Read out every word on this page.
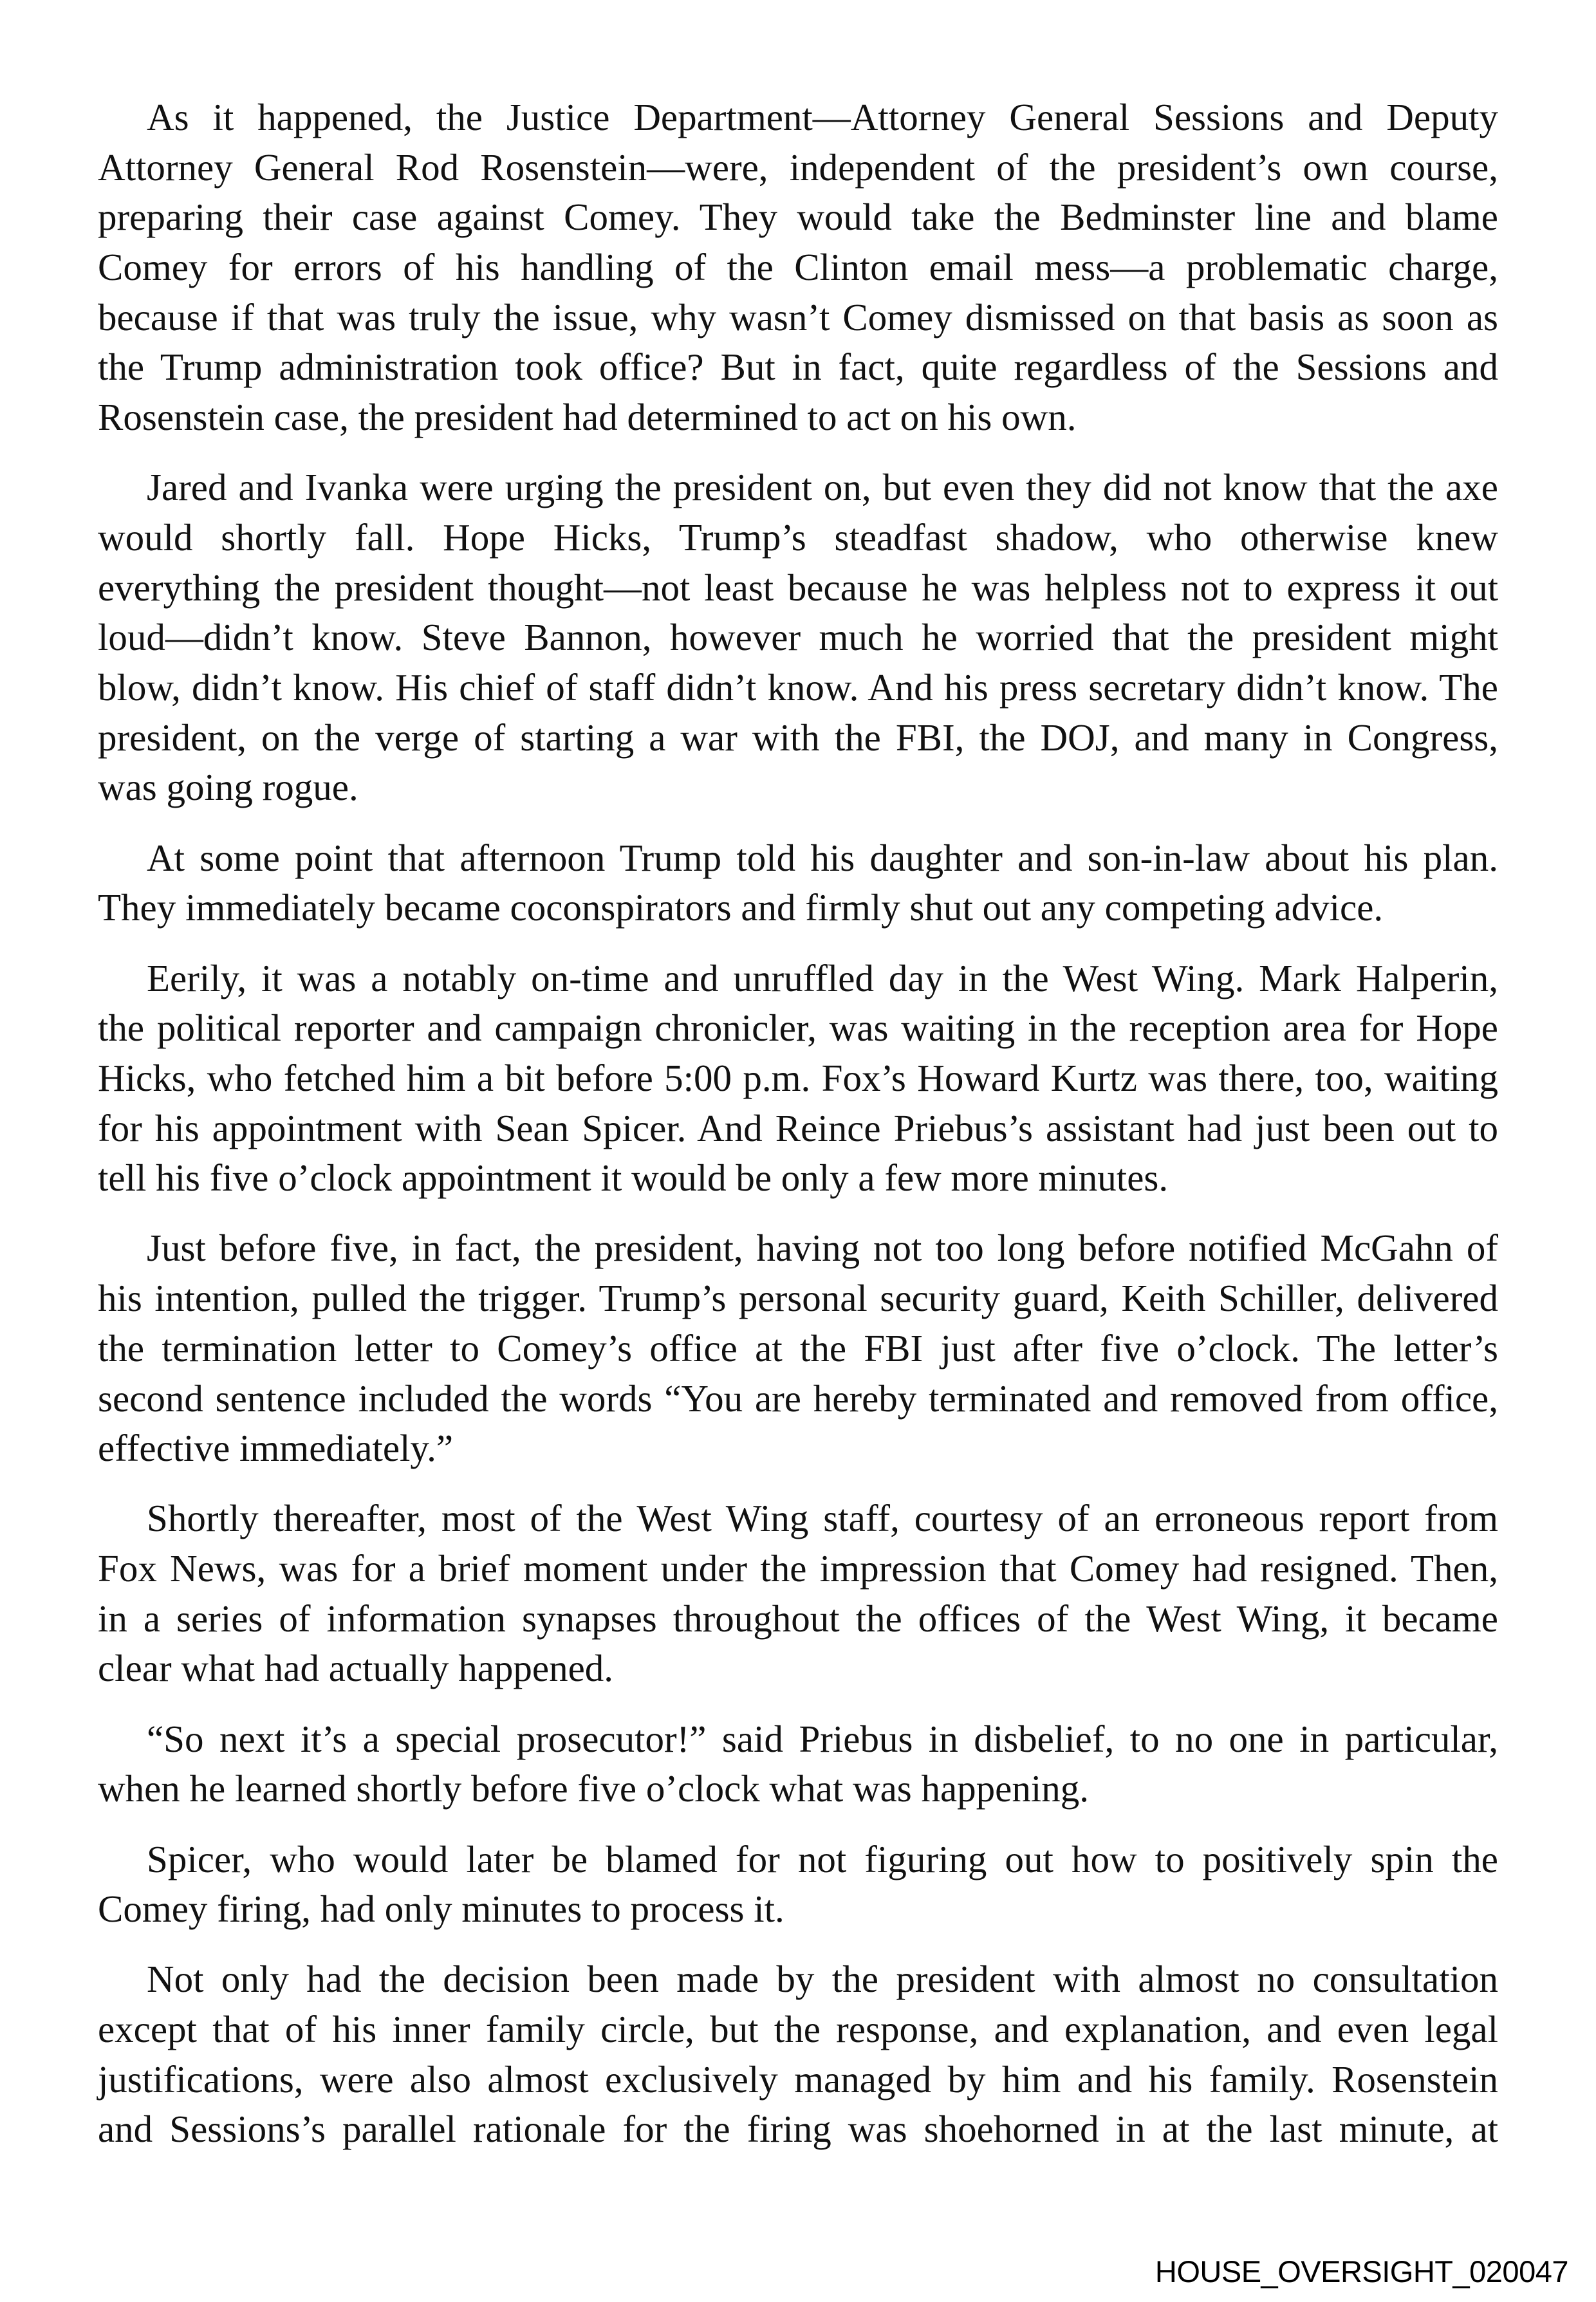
As it happened, the Justice Department—Attorney General Sessions and Deputy
Attorney General Rod Rosenstein—were, independent of the president’s own course,
preparing their case against Comey. They would take the Bedminster line and blame
Comey for errors of his handling of the Clinton email mess—a problematic charge,
because if that was truly the issue, why wasn’t Comey dismissed on that basis as soon as
the Trump administration took office? But in fact, quite regardless of the Sessions and
Rosenstein case, the president had determined to act on his own.
Jared and Ivanka were urging the president on, but even they did not know that the axe
would shortly fall. Hope Hicks, Trump’s steadfast shadow, who otherwise knew
everything the president thought—not least because he was helpless not to express it out
loud—didn’t know. Steve Bannon, however much he worried that the president might
blow, didn’t know. His chief of staff didn’t know. And his press secretary didn’t know. The
president, on the verge of starting a war with the FBI, the DOJ, and many in Congress,
was going rogue.
At some point that afternoon Trump told his daughter and son-in-law about his plan.
They immediately became coconspirators and firmly shut out any competing advice.
Eerily, it was a notably on-time and unruffled day in the West Wing. Mark Halperin,
the political reporter and campaign chronicler, was waiting in the reception area for Hope
Hicks, who fetched him a bit before 5:00 p.m. Fox’s Howard Kurtz was there, too, waiting
for his appointment with Sean Spicer. And Reince Priebus’s assistant had just been out to
tell his five o’clock appointment it would be only a few more minutes.
Just before five, in fact, the president, having not too long before notified McGahn of
his intention, pulled the trigger. Trump’s personal security guard, Keith Schiller, delivered
the termination letter to Comey’s office at the FBI just after five o’clock. The letter’s
second sentence included the words “You are hereby terminated and removed from office,
effective immediately.”
Shortly thereafter, most of the West Wing staff, courtesy of an erroneous report from
Fox News, was for a brief moment under the impression that Comey had resigned. Then,
in a series of information synapses throughout the offices of the West Wing, it became
clear what had actually happened.
“So next it’s a special prosecutor!” said Priebus in disbelief, to no one in particular,
when he learned shortly before five o’clock what was happening.
Spicer, who would later be blamed for not figuring out how to positively spin the
Comey firing, had only minutes to process it.
Not only had the decision been made by the president with almost no consultation
except that of his inner family circle, but the response, and explanation, and even legal
justifications, were also almost exclusively managed by him and his family. Rosenstein
and Sessions’s parallel rationale for the firing was shoehorned in at the last minute, at
HOUSE_OVERSIGHT_020047
